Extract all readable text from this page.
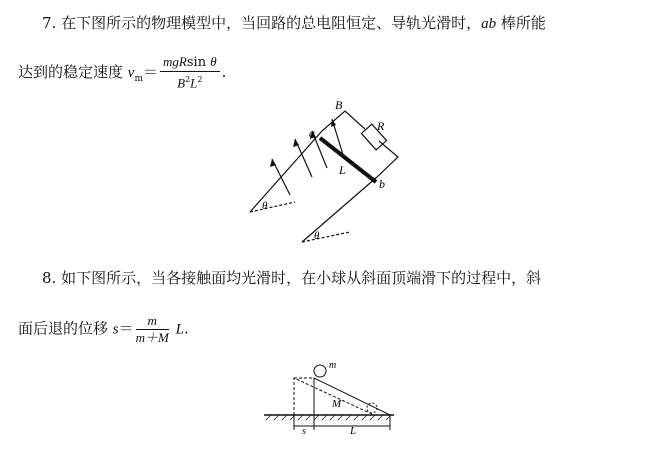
7. 在下图所示的物理模型中，当回路的总电阻恒定、导轨光滑时，ab 棒所能
达到的稳定速度 $v_m= \frac{\text{mgRsin θ}}{B^2L^2}$ .
B
R
a
b
L
θ
θ
8. 如下图所示，当各接触面均光滑时，在小球从斜面顶端滑下的过程中，斜
面后退的位移 $s= \frac{m}{m+M} L$.
m
M
s	L
